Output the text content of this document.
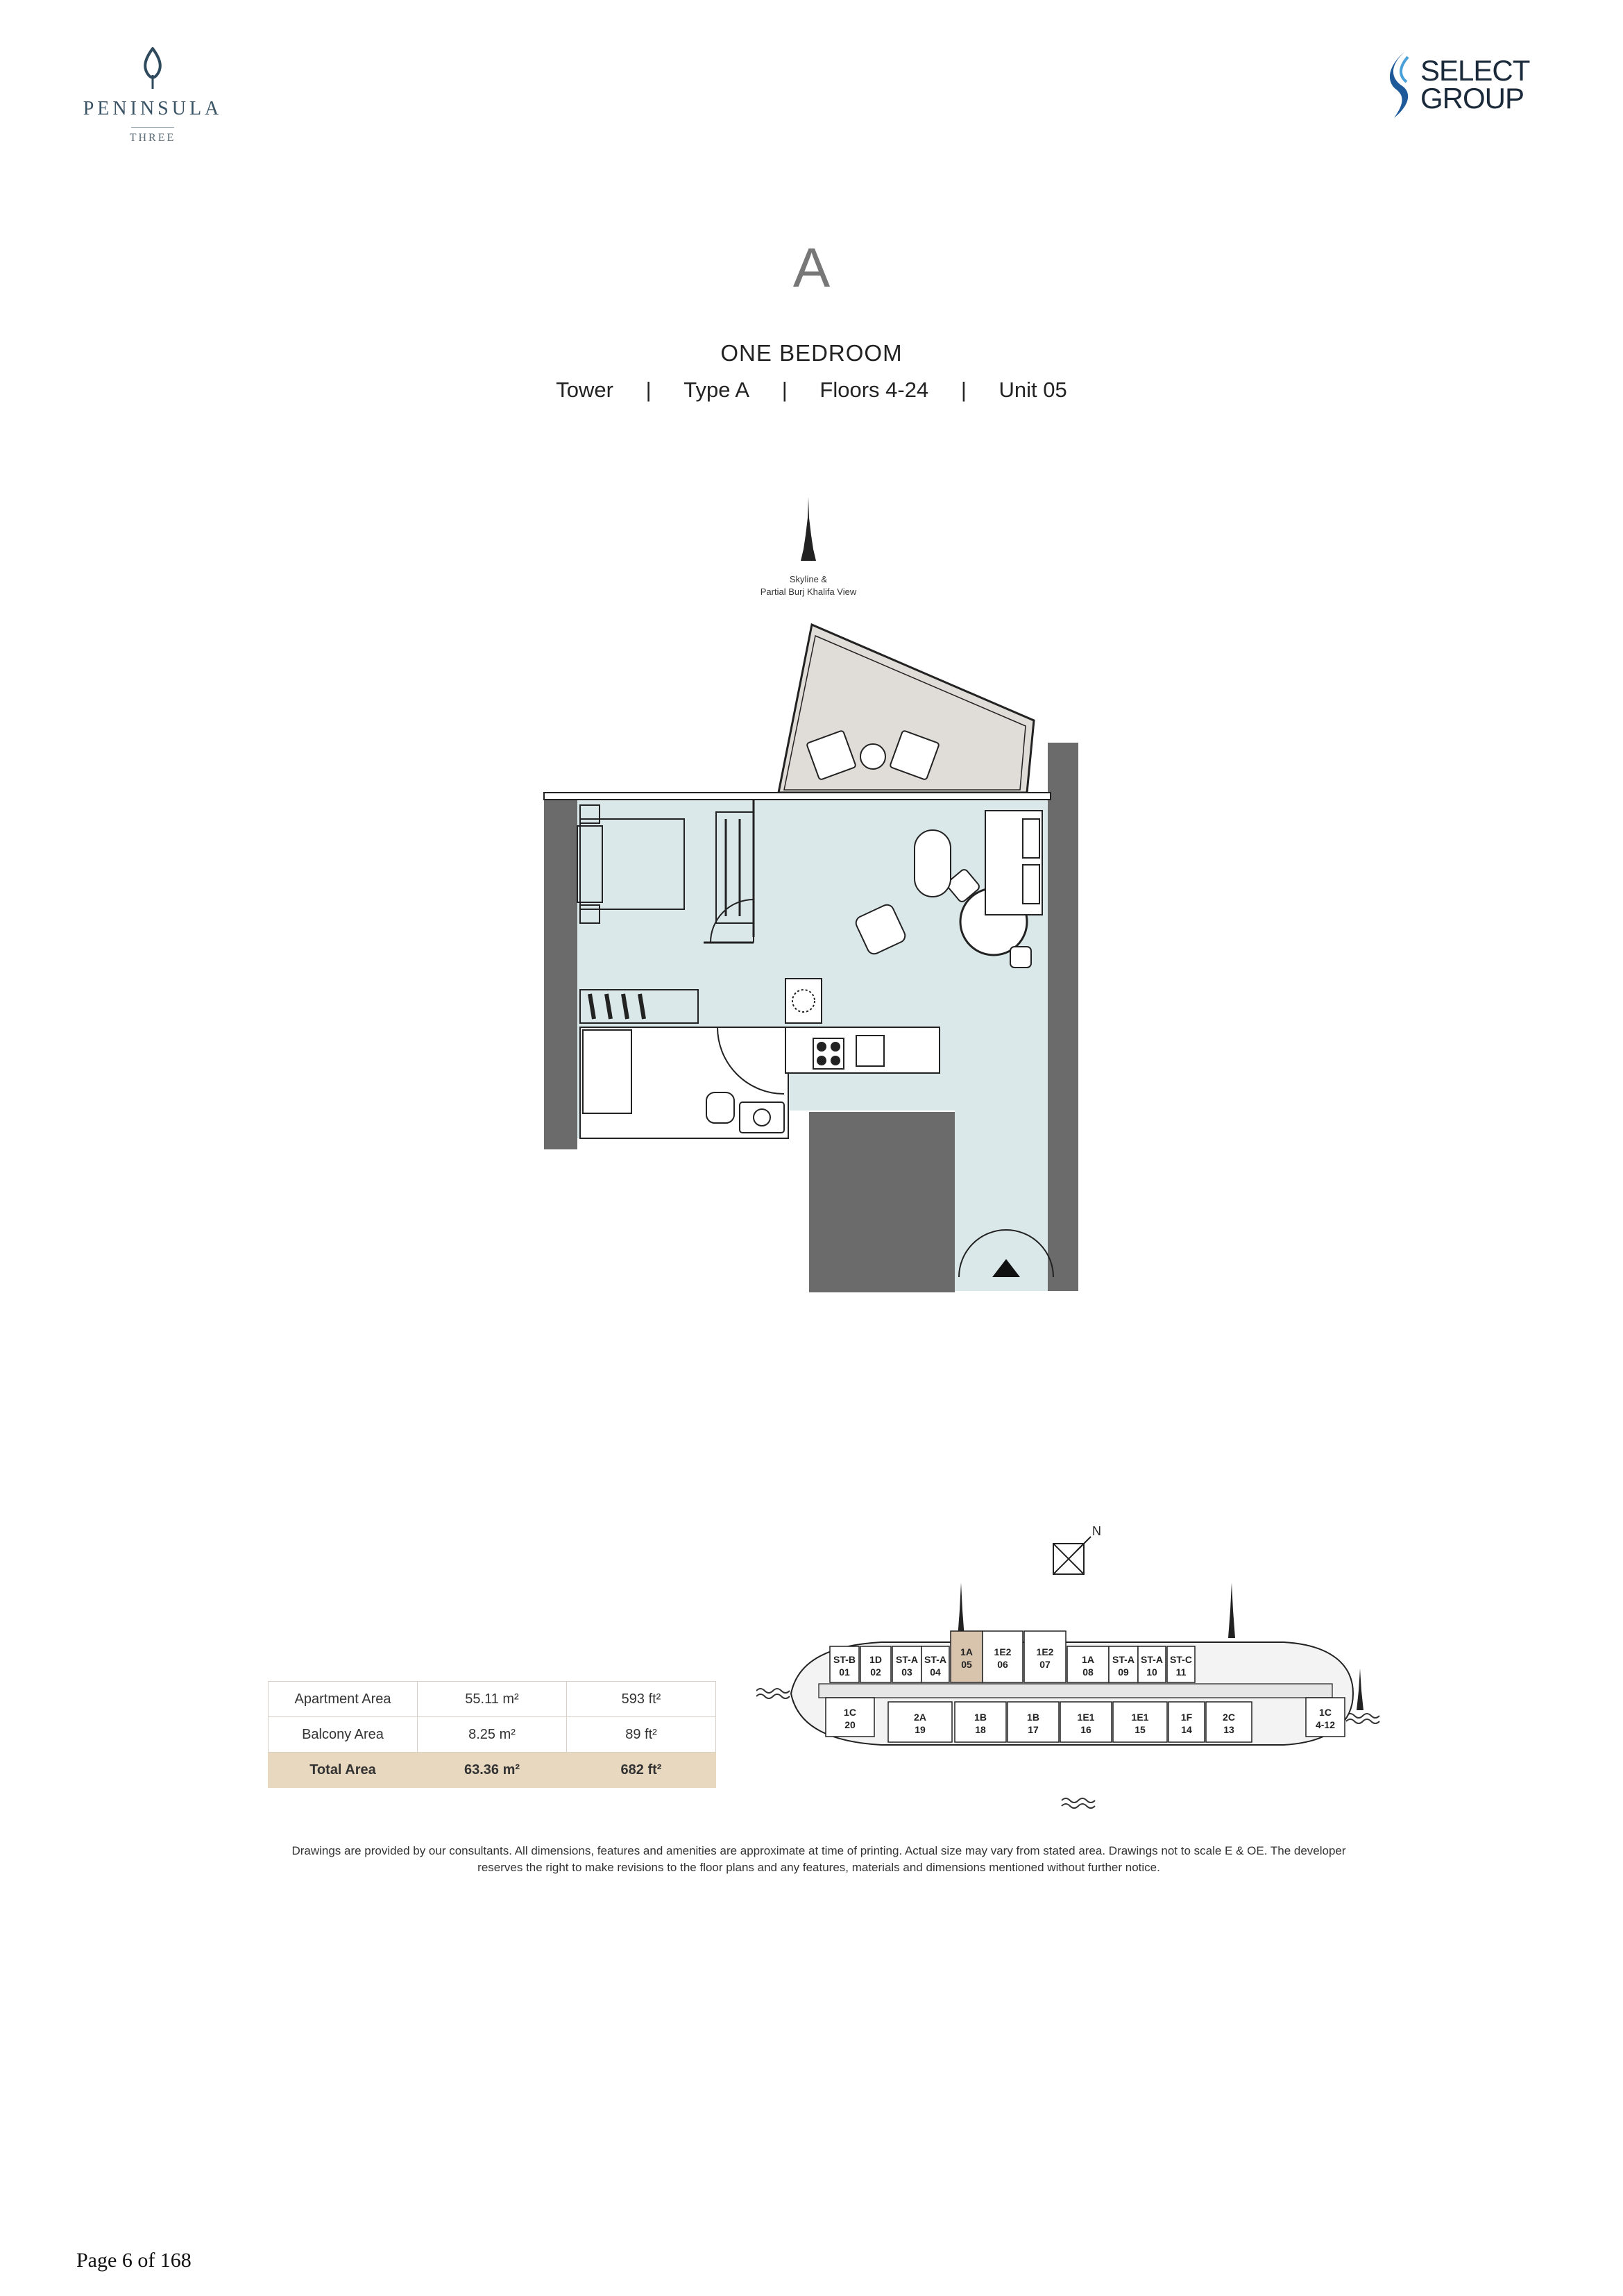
PENINSULA
THREE
SELECT
GROUP
A
ONE BEDROOM
Tower | Type A | Floors 4-24 | Unit 05
Skyline &
Partial Burj Khalifa View
Apartment Area	55.11 m²	593 ft²
Balcony Area	8.25 m²	89 ft²
Total Area	63.36 m²	682 ft²
N
ST-B
01
1D
02
ST-A
03
ST-A
04
1A
05
1E2
06
1E2
07	1A
08
ST-A
09
ST-A
10
ST-C
11
1C
4-12
2C
13
1F
14
1E1
15
1E1
16
1B
17
1B
18
2A
19
1C
20
Drawings are provided by our consultants. All dimensions, features and amenities are approximate at time of printing. Actual size may vary from stated area. Drawings not to scale E & OE. The developer
reserves the right to make revisions to the floor plans and any features, materials and dimensions mentioned without further notice.
Page 6 of 168
